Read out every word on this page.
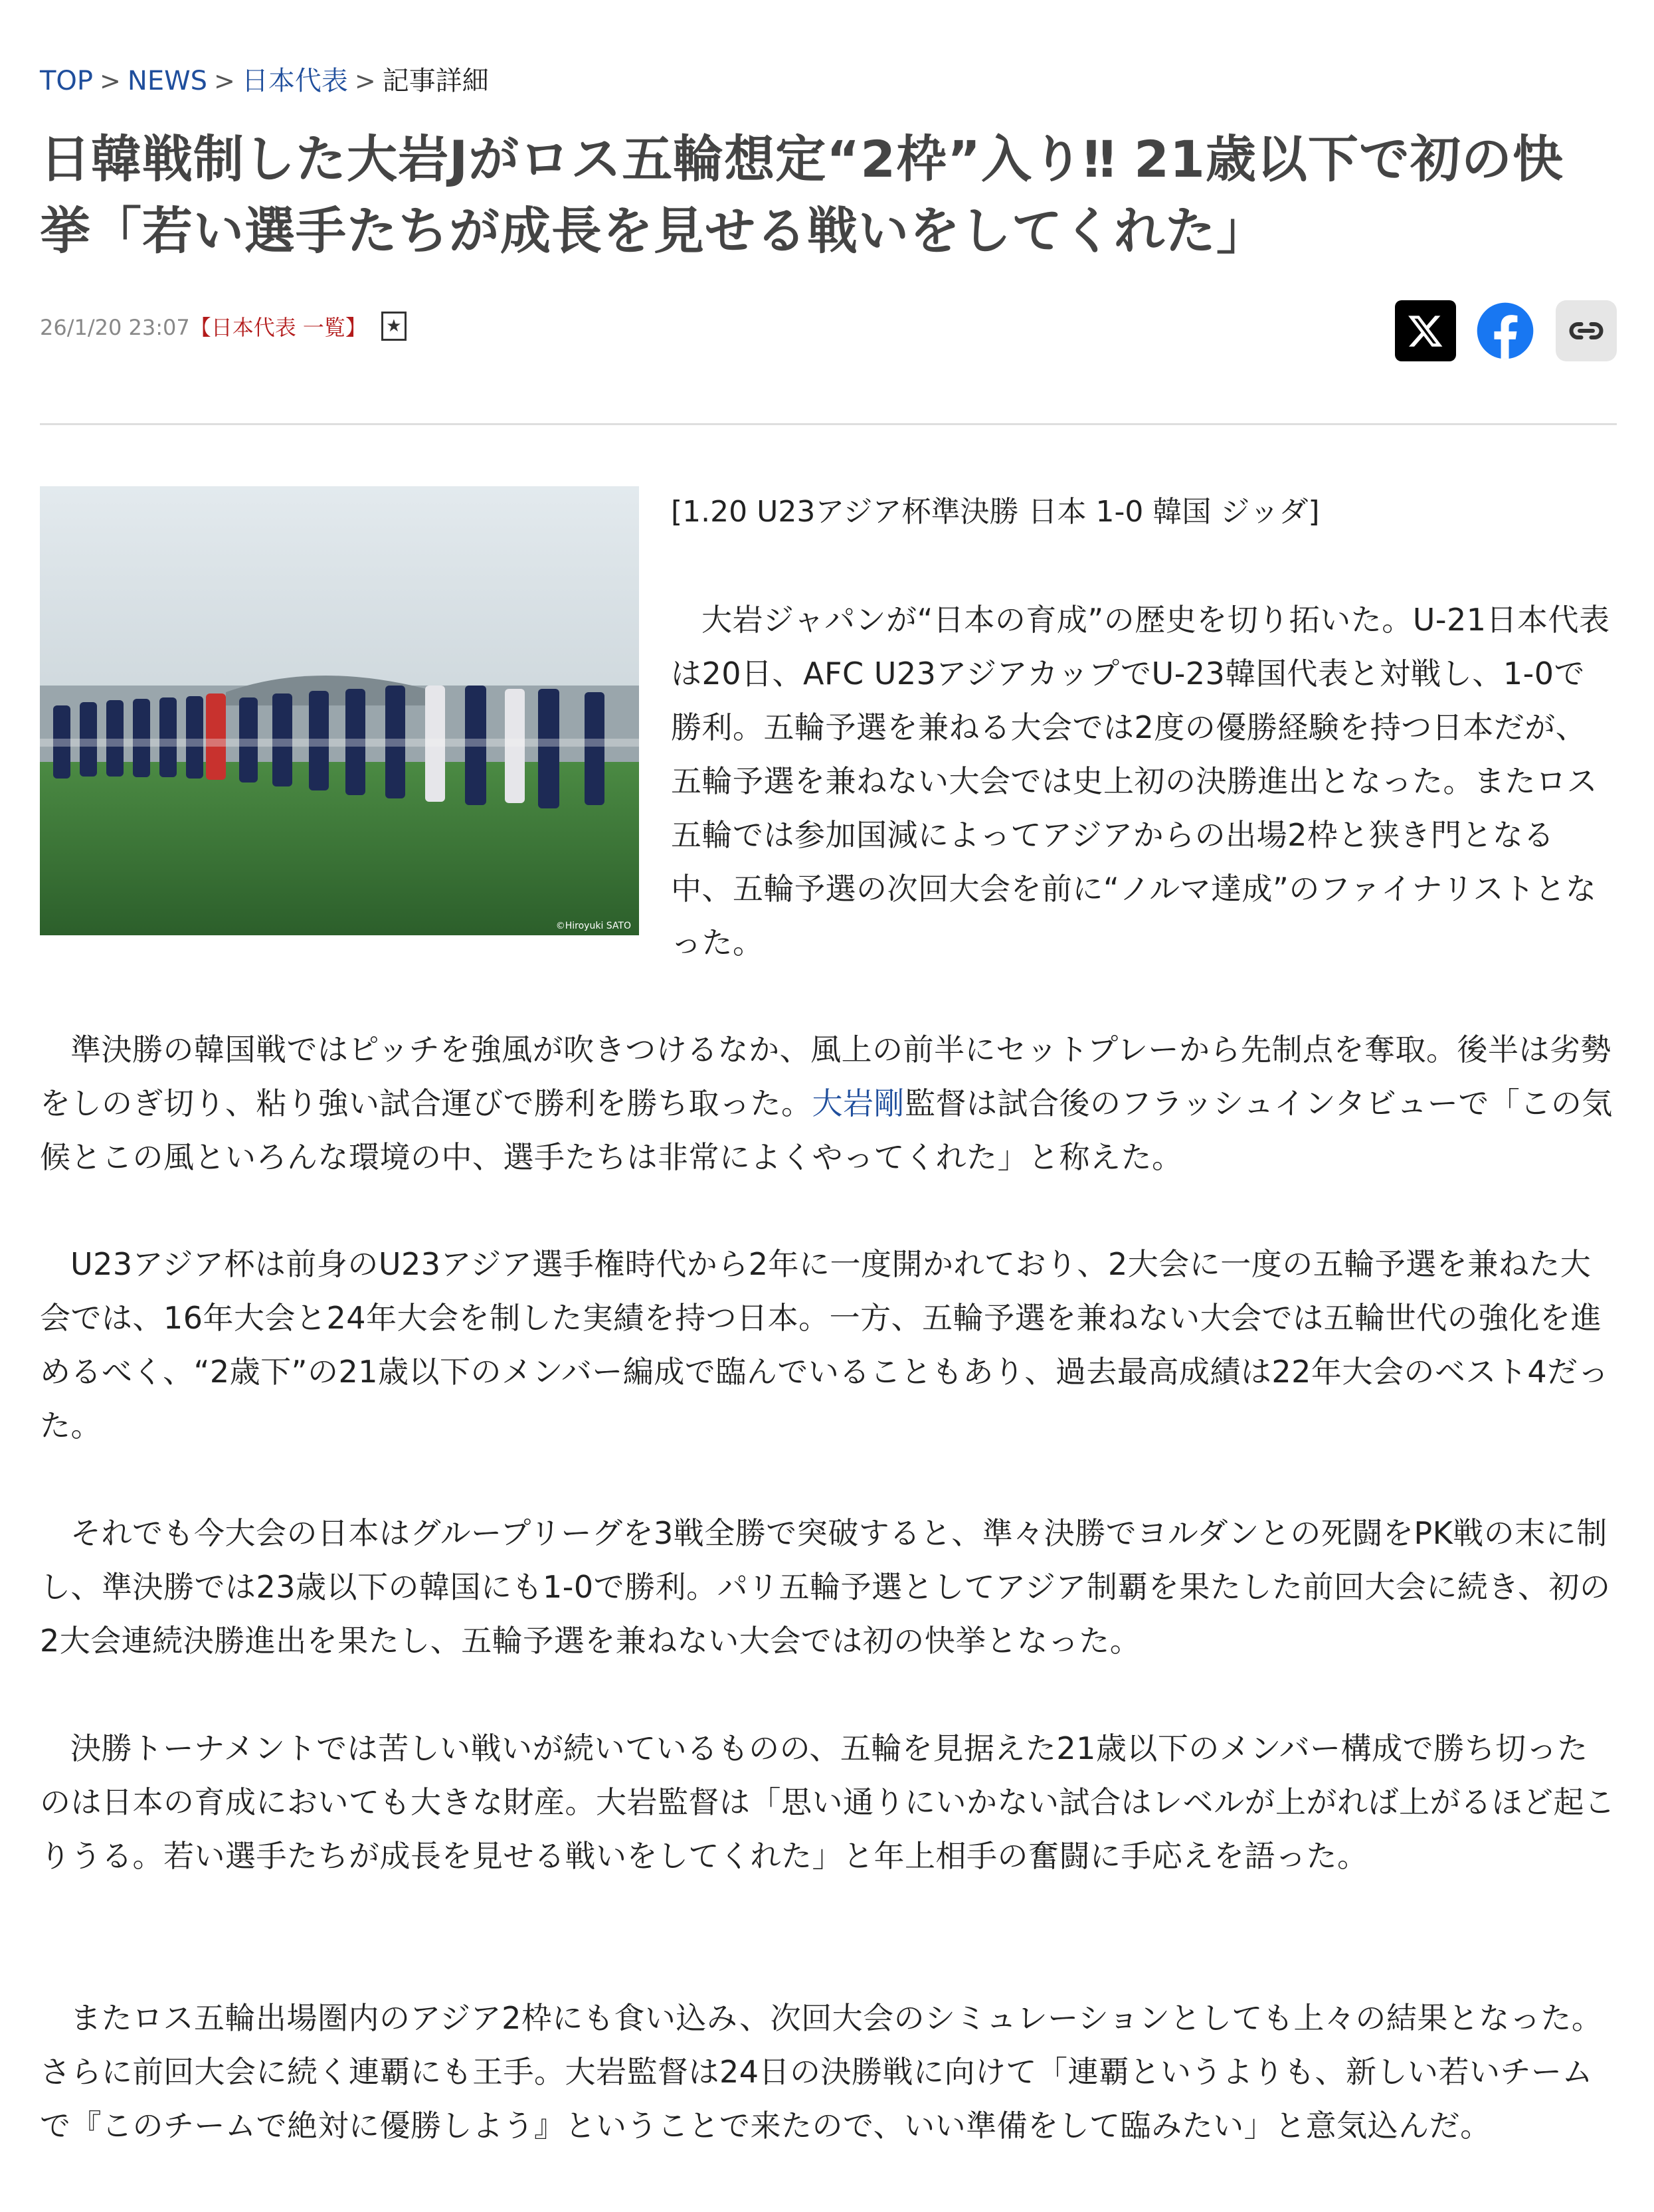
TOP > NEWS > 日本代表 > 記事詳細
日韓戦制した大岩Jがロス五輪想定“2枠”入り‼ 21歳以下で初の快挙「若い選手たちが成長を見せる戦いをしてくれた」
26/1/20 23:07【日本代表 一覧】 ★
©Hiroyuki SATO
[1.20 U23アジア杯準決勝 日本 1-0 韓国 ジッダ]

大岩ジャパンが“日本の育成”の歴史を切り拓いた。U-21日本代表は20日、AFC U23アジアカップでU-23韓国代表と対戦し、1-0で勝利。五輪予選を兼ねる大会では2度の優勝経験を持つ日本だが、五輪予選を兼ねない大会では史上初の決勝進出となった。またロス五輪では参加国減によってアジアからの出場2枠と狭き門となる中、五輪予選の次回大会を前に“ノルマ達成”のファイナリストとなった。

準決勝の韓国戦ではピッチを強風が吹きつけるなか、風上の前半にセットプレーから先制点を奪取。後半は劣勢をしのぎ切り、粘り強い試合運びで勝利を勝ち取った。大岩剛監督は試合後のフラッシュインタビューで「この気候とこの風といろんな環境の中、選手たちは非常によくやってくれた」と称えた。

U23アジア杯は前身のU23アジア選手権時代から2年に一度開かれており、2大会に一度の五輪予選を兼ねた大会では、16年大会と24年大会を制した実績を持つ日本。一方、五輪予選を兼ねない大会では五輪世代の強化を進めるべく、“2歳下”の21歳以下のメンバー編成で臨んでいることもあり、過去最高成績は22年大会のベスト4だった。

それでも今大会の日本はグループリーグを3戦全勝で突破すると、準々決勝でヨルダンとの死闘をPK戦の末に制し、準決勝では23歳以下の韓国にも1-0で勝利。パリ五輪予選としてアジア制覇を果たした前回大会に続き、初の2大会連続決勝進出を果たし、五輪予選を兼ねない大会では初の快挙となった。

決勝トーナメントでは苦しい戦いが続いているものの、五輪を見据えた21歳以下のメンバー構成で勝ち切ったのは日本の育成においても大きな財産。大岩監督は「思い通りにいかない試合はレベルが上がれば上がるほど起こりうる。若い選手たちが成長を見せる戦いをしてくれた」と年上相手の奮闘に手応えを語った。

またロス五輪出場圏内のアジア2枠にも食い込み、次回大会のシミュレーションとしても上々の結果となった。さらに前回大会に続く連覇にも王手。大岩監督は24日の決勝戦に向けて「連覇というよりも、新しい若いチームで『このチームで絶対に優勝しよう』ということで来たので、いい準備をして臨みたい」と意気込んだ。
